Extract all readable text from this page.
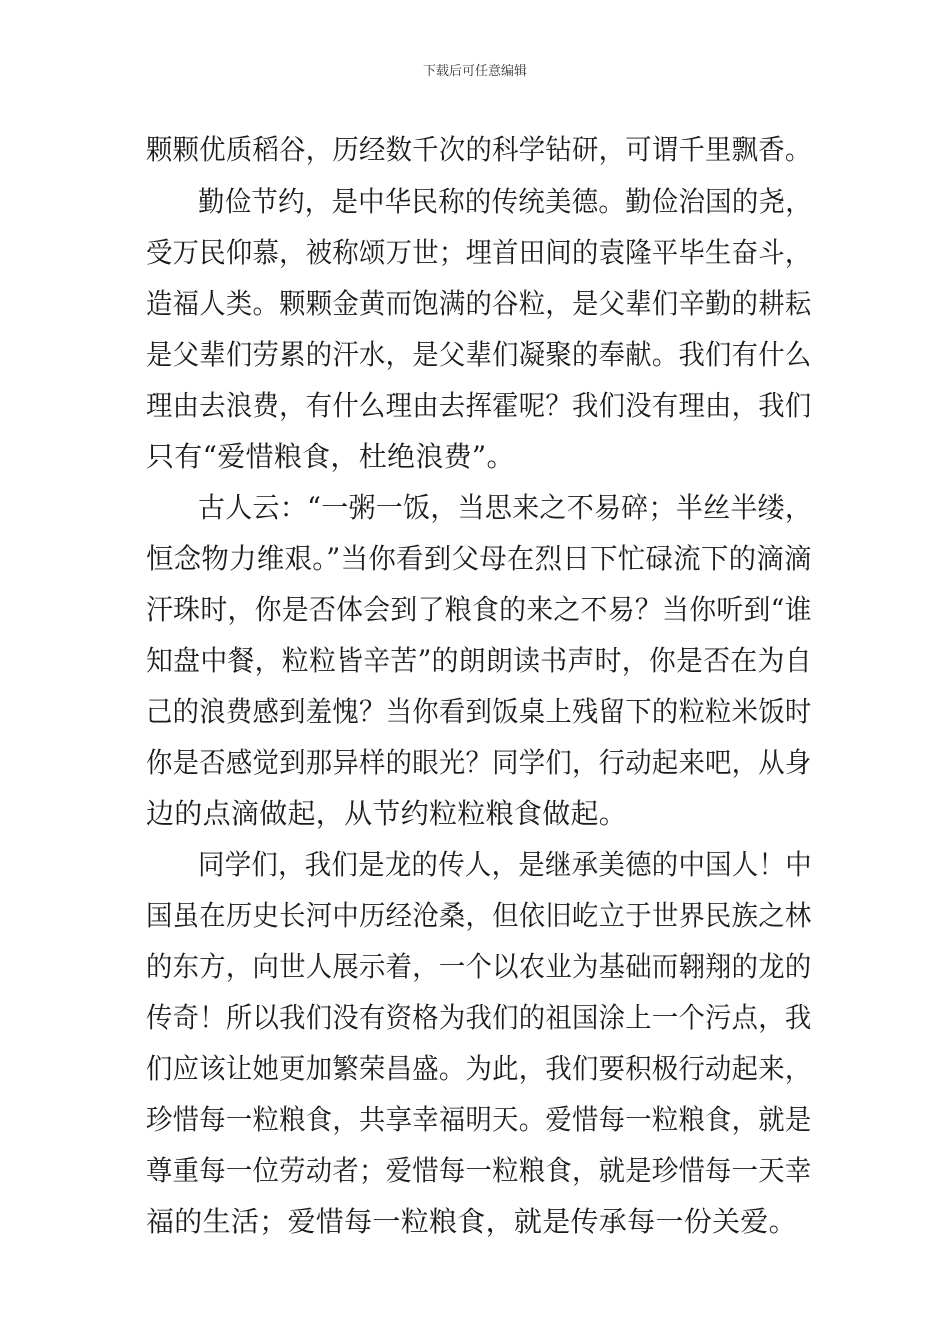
下载后可任意编辑
颗颗优质稻谷，历经数千次的科学钻研，可谓千里飘香。
勤俭节约，是中华民称的传统美德。勤俭治国的尧，
受万民仰慕，被称颂万世；埋首田间的袁隆平毕生奋斗，
造福人类。颗颗金黄而饱满的谷粒，是父辈们辛勤的耕耘
是父辈们劳累的汗水，是父辈们凝聚的奉献。我们有什么
理由去浪费，有什么理由去挥霍呢？我们没有理由，我们
只有“爱惜粮食，杜绝浪费”。
古人云：“一粥一饭，当思来之不易碎；半丝半缕，
恒念物力维艰。”当你看到父母在烈日下忙碌流下的滴滴
汗珠时，你是否体会到了粮食的来之不易？当你听到“谁
知盘中餐，粒粒皆辛苦”的朗朗读书声时，你是否在为自
己的浪费感到羞愧？当你看到饭桌上残留下的粒粒米饭时
你是否感觉到那异样的眼光？同学们，行动起来吧，从身
边的点滴做起，从节约粒粒粮食做起。
同学们，我们是龙的传人，是继承美德的中国人！中
国虽在历史长河中历经沧桑，但依旧屹立于世界民族之林
的东方，向世人展示着，一个以农业为基础而翱翔的龙的
传奇！所以我们没有资格为我们的祖国涂上一个污点，我
们应该让她更加繁荣昌盛。为此，我们要积极行动起来，
珍惜每一粒粮食，共享幸福明天。爱惜每一粒粮食，就是
尊重每一位劳动者；爱惜每一粒粮食，就是珍惜每一天幸
福的生活；爱惜每一粒粮食，就是传承每一份关爱。
